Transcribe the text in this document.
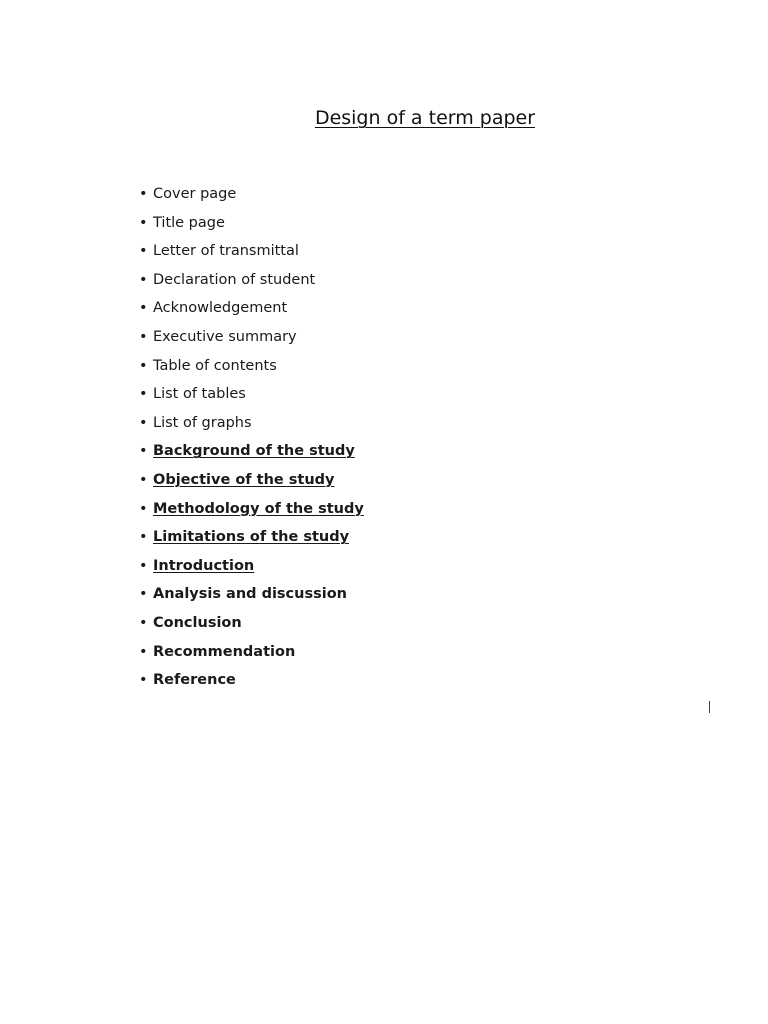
Design of a term paper
• Cover page
• Title page
• Letter of transmittal
• Declaration of student
• Acknowledgement
• Executive summary
• Table of contents
• List of tables
• List of graphs
• Background of the study
• Objective of the study
• Methodology of the study
• Limitations of the study
• Introduction
• Analysis and discussion
• Conclusion
• Recommendation
• Reference
